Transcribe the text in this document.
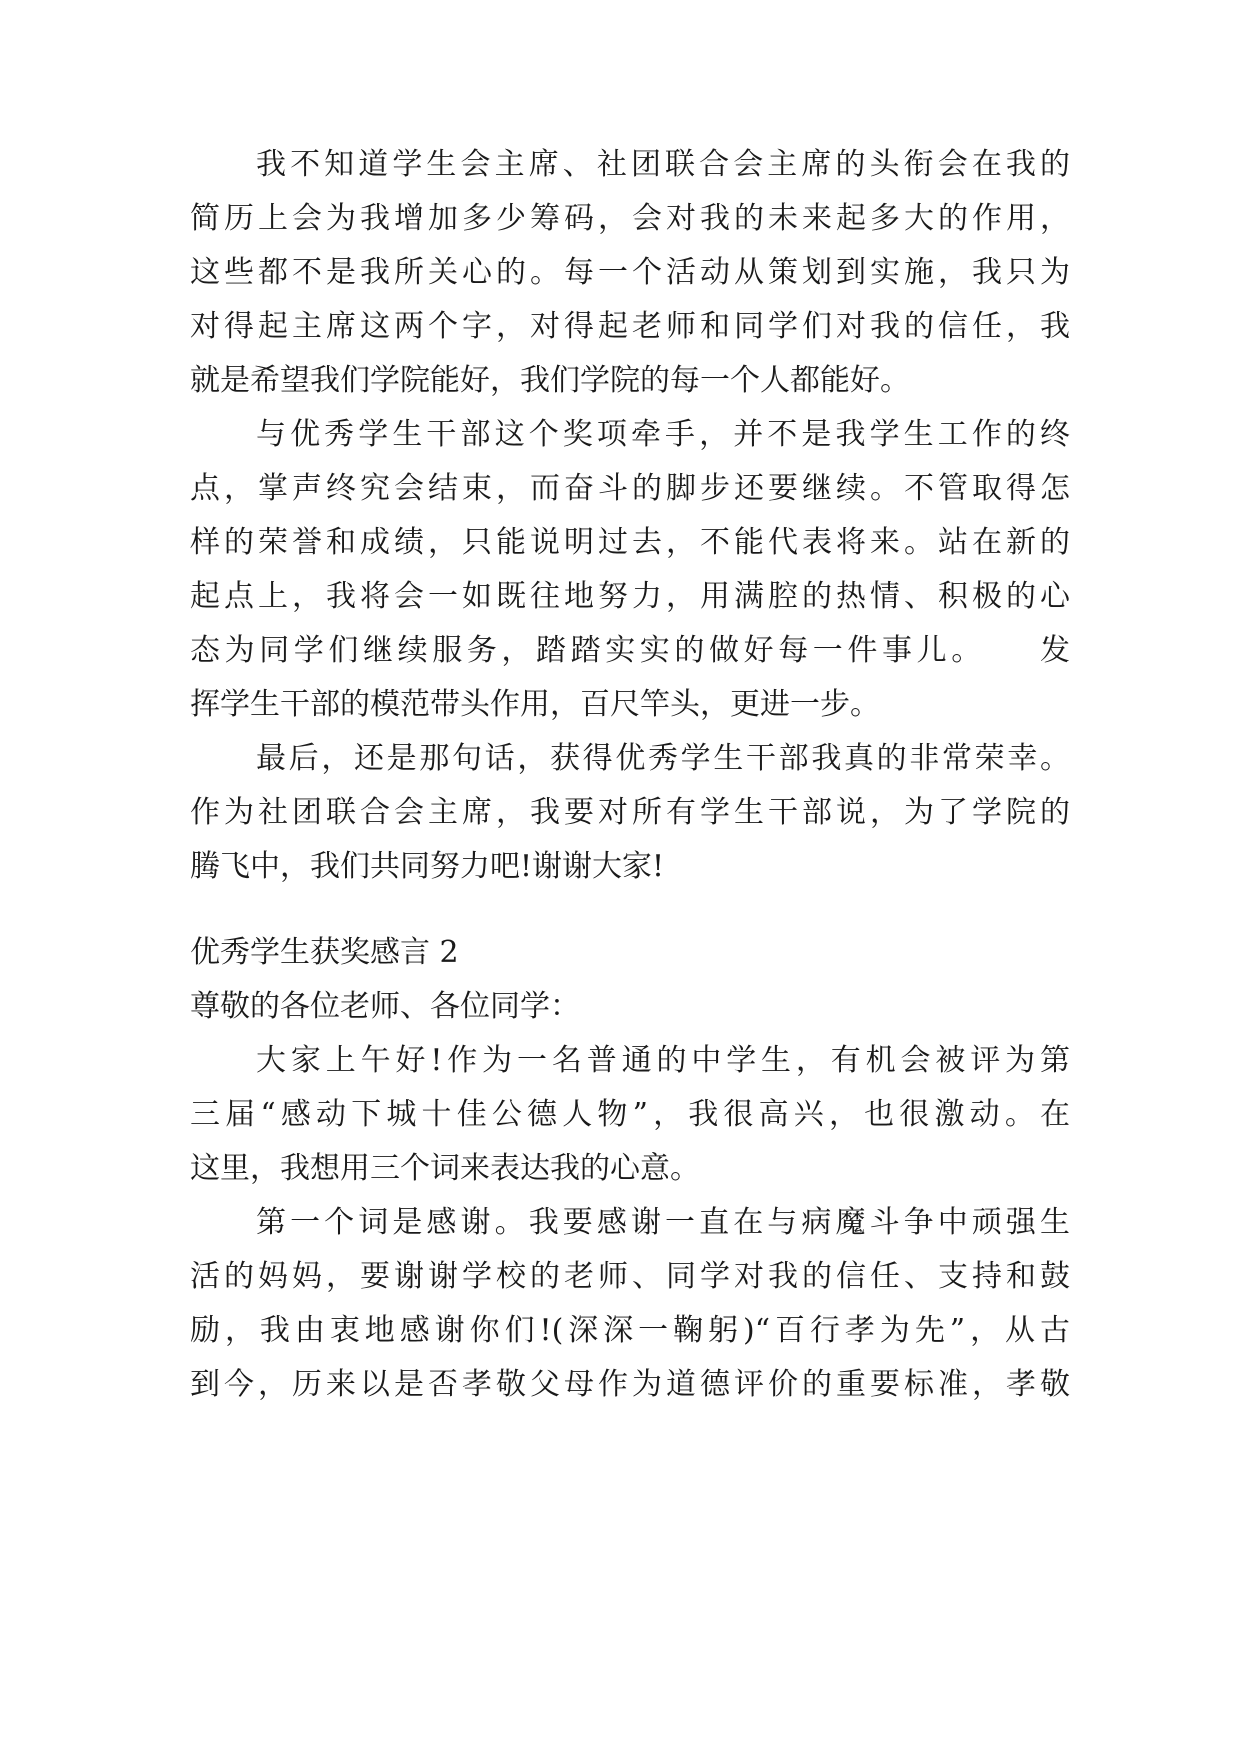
我不知道学生会主席、社团联合会主席的头衔会在我的
简历上会为我增加多少筹码，会对我的未来起多大的作用，
这些都不是我所关心的。每一个活动从策划到实施，我只为
对得起主席这两个字，对得起老师和同学们对我的信任，我
就是希望我们学院能好，我们学院的每一个人都能好。
与优秀学生干部这个奖项牵手，并不是我学生工作的终
点，掌声终究会结束，而奋斗的脚步还要继续。不管取得怎
样的荣誉和成绩，只能说明过去，不能代表将来。站在新的
起点上，我将会一如既往地努力，用满腔的热情、积极的心
态为同学们继续服务，踏踏实实的做好每一件事儿。　　发
挥学生干部的模范带头作用，百尺竿头，更进一步。
最后，还是那句话，获得优秀学生干部我真的非常荣幸。
作为社团联合会主席，我要对所有学生干部说，为了学院的
腾飞中，我们共同努力吧!谢谢大家!
优秀学生获奖感言 2
尊敬的各位老师、各位同学：
大家上午好!作为一名普通的中学生，有机会被评为第
三届“感动下城十佳公德人物”，我很高兴，也很激动。在
这里，我想用三个词来表达我的心意。
第一个词是感谢。我要感谢一直在与病魔斗争中顽强生
活的妈妈，要谢谢学校的老师、同学对我的信任、支持和鼓
励，我由衷地感谢你们!(深深一鞠躬)“百行孝为先”，从古
到今，历来以是否孝敬父母作为道德评价的重要标准，孝敬
